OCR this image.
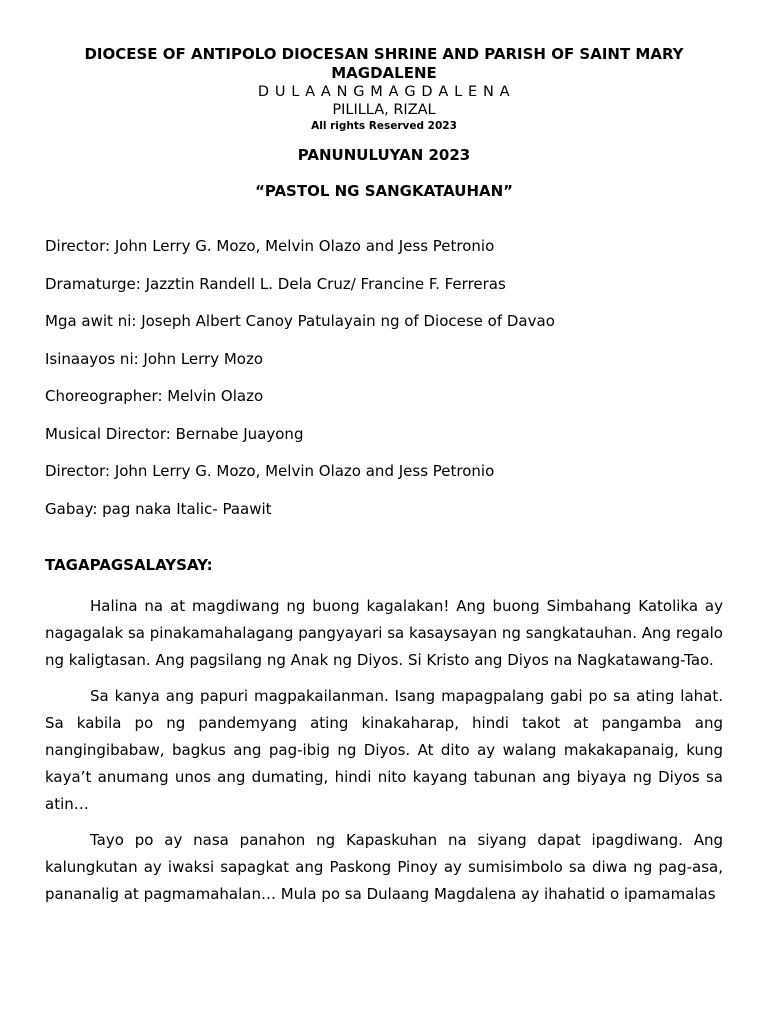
DIOCESE OF ANTIPOLO DIOCESAN SHRINE AND PARISH OF SAINT MARY MAGDALENE
D U L A A N G M A G D A L E N A
PILILLA, RIZAL
All rights Reserved 2023
PANUNULUYAN 2023
“PASTOL NG SANGKATAUHAN”
Director: John Lerry G. Mozo, Melvin Olazo and Jess Petronio
Dramaturge: Jazztin Randell L. Dela Cruz/ Francine F. Ferreras
Mga awit ni: Joseph Albert Canoy Patulayain ng of Diocese of Davao
Isinaayos ni: John Lerry Mozo
Choreographer: Melvin Olazo
Musical Director: Bernabe Juayong
Director: John Lerry G. Mozo, Melvin Olazo and Jess Petronio
Gabay: pag naka Italic- Paawit
TAGAPAGSALAYSAY:

Halina na at magdiwang ng buong kagalakan! Ang buong Simbahang Katolika ay nagagalak sa pinakamahalagang pangyayari sa kasaysayan ng sangkatauhan. Ang regalo ng kaligtasan. Ang pagsilang ng Anak ng Diyos. Si Kristo ang Diyos na Nagkatawang-Tao.

Sa kanya ang papuri magpakailanman. Isang mapagpalang gabi po sa ating lahat. Sa kabila po ng pandemyang ating kinakaharap, hindi takot at pangamba ang nangingibabaw, bagkus ang pag-ibig ng Diyos. At dito ay walang makakapanaig, kung kaya’t anumang unos ang dumating, hindi nito kayang tabunan ang biyaya ng Diyos sa atin…

Tayo po ay nasa panahon ng Kapaskuhan na siyang dapat ipagdiwang. Ang kalungkutan ay iwaksi sapagkat ang Paskong Pinoy ay sumisimbolo sa diwa ng pag-asa, pananalig at pagmamahalan… Mula po sa Dulaang Magdalena ay ihahatid o ipamamalas
